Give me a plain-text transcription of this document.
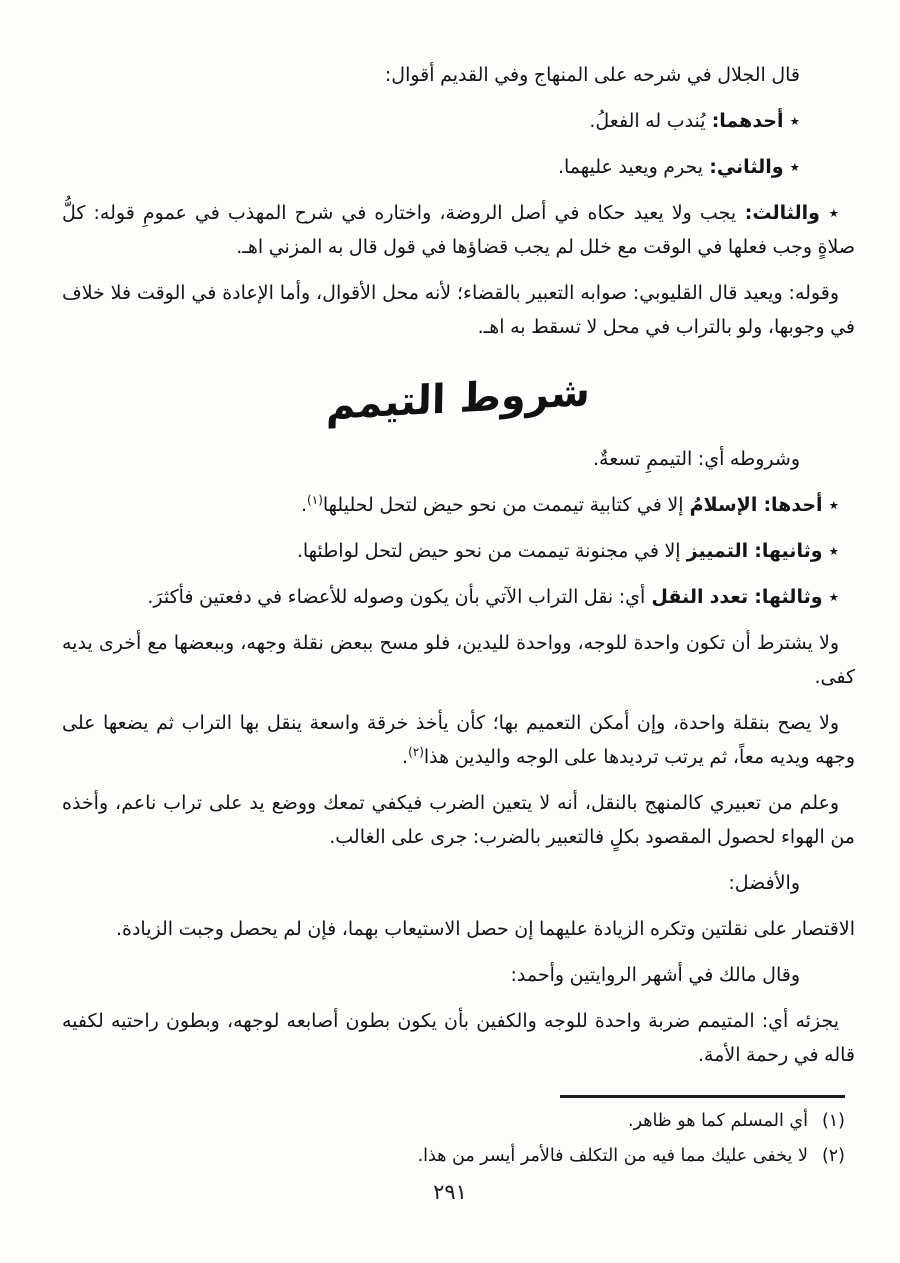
قال الجلال في شرحه على المنهاج وفي القديم أقوال:

٭ أحدهما: يُندب له الفعلُ.

٭ والثاني: يحرم ويعيد عليهما.

٭ والثالث: يجب ولا يعيد حكاه في أصل الروضة، واختاره في شرح المهذب في عمومِ قوله: كلُّ صلاةٍ وجب فعلها في الوقت مع خلل لم يجب قضاؤها في قول قال به المزني اهـ.

وقوله: ويعيد قال القليوبي: صوابه التعبير بالقضاء؛ لأنه محل الأقوال، وأما الإعادة في الوقت فلا خلاف في وجوبها، ولو بالتراب في محل لا تسقط به اهـ.

شروط التيمم

وشروطه أي: التيممِ تسعةٌ.

٭ أحدها: الإسلامُ إلا في كتابية تيممت من نحو حيض لتحل لحليلها$^{(١)}$.

٭ وثانيها: التمييز إلا في مجنونة تيممت من نحو حيض لتحل لواطئها.

٭ وثالثها: تعدد النقل أي: نقل التراب الآتي بأن يكون وصوله للأعضاء في دفعتين فأكثرَ.

ولا يشترط أن تكون واحدة للوجه، وواحدة لليدين، فلو مسح ببعض نقلة وجهه، وببعضها مع أخرى يديه كفى.

ولا يصح بنقلة واحدة، وإن أمكن التعميم بها؛ كأن يأخذ خرقة واسعة ينقل بها التراب ثم يضعها على وجهه ويديه معاً، ثم يرتب ترديدها على الوجه واليدين هذا$^{(٢)}$.

وعلم من تعبيري كالمنهج بالنقل، أنه لا يتعين الضرب فيكفي تمعك ووضع يد على تراب ناعم، وأخذه من الهواء لحصول المقصود بكلٍ فالتعبير بالضرب: جرى على الغالب.

والأفضل:

الاقتصار على نقلتين وتكره الزيادة عليهما إن حصل الاستيعاب بهما، فإن لم يحصل وجبت الزيادة.

وقال مالك في أشهر الروايتين وأحمد:

يجزئه أي: المتيمم ضربة واحدة للوجه والكفين بأن يكون بطون أصابعه لوجهه، وبطون راحتيه لكفيه قاله في رحمة الأمة.

(١)أي المسلم كما هو ظاهر.
(٢)لا يخفى عليك مما فيه من التكلف فالأمر أيسر من هذا.
٢٩١
